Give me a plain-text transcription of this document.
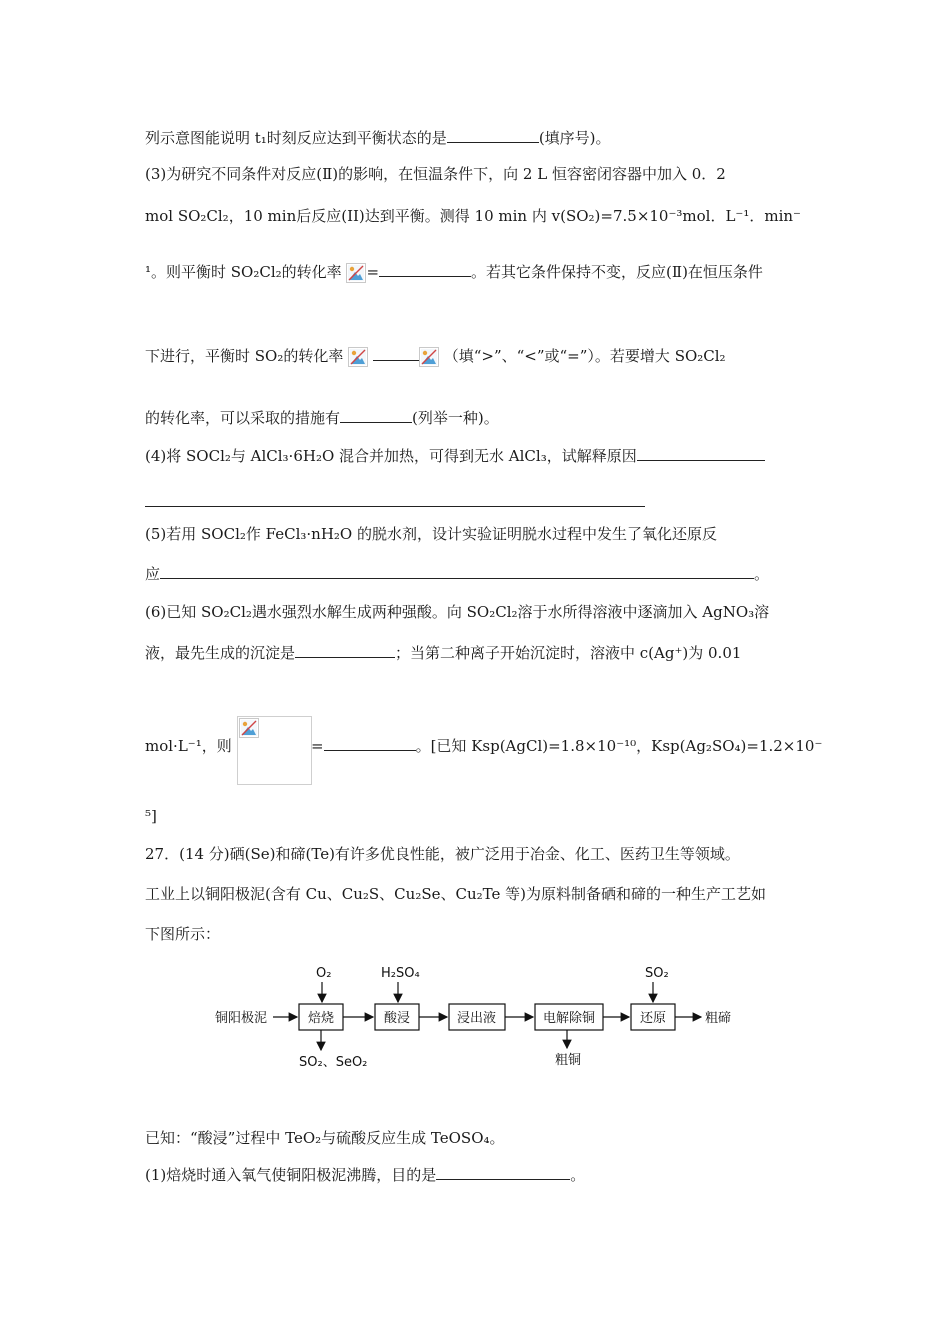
列示意图能说明 t₁时刻反应达到平衡状态的是	(填序号)。
(3)为研究不同条件对反应(Ⅱ)的影响，在恒温条件下，向 2 L 恒容密闭容器中加入 0．2
mol SO₂Cl₂，10 min后反应(II)达到平衡。测得 10 min 内 v(SO₂)=7.5×10⁻³mol．L⁻¹．min⁻
¹。则平衡时 SO₂Cl₂的转化率 =	。若其它条件保持不变，反应(Ⅱ)在恒压条件
下进行，平衡时 SO₂的转化率
	（填“>”、“<”或“=”）。若要增大 SO₂Cl₂
的转化率，可以采取的措施有	(列举一种)。
(4)将 SOCl₂与 AlCl₃·6H₂O 混合并加热，可得到无水 AlCl₃，试解释原因
(5)若用 SOCl₂作 FeCl₃·nH₂O 的脱水剂，设计实验证明脱水过程中发生了氧化还原反
应	。
(6)已知 SO₂Cl₂遇水强烈水解生成两种强酸。向 SO₂Cl₂溶于水所得溶液中逐滴加入 AgNO₃溶
液，最先生成的沉淀是	；当第二种离子开始沉淀时，溶液中 c(Ag⁺)为 0.01
mol·L⁻¹，则	=	。[已知 Ksp(AgCl)=1.8×10⁻¹⁰，Ksp(Ag₂SO₄)=1.2×10⁻
⁵]
27．(14 分)硒(Se)和碲(Te)有许多优良性能，被广泛用于冶金、化工、医药卫生等领域。
工业上以铜阳极泥(含有 Cu、Cu₂S、Cu₂Se、Cu₂Te 等)为原料制备硒和碲的一种生产工艺如
下图所示：
铜阳极泥	焙烧
O₂
SO₂、SeO₂
酸浸
H₂SO₄
浸出液	电解除铜
粗铜
还原
SO₂
粗碲
已知：“酸浸”过程中 TeO₂与硫酸反应生成 TeOSO₄。
(1)焙烧时通入氧气使铜阳极泥沸腾，目的是	。
